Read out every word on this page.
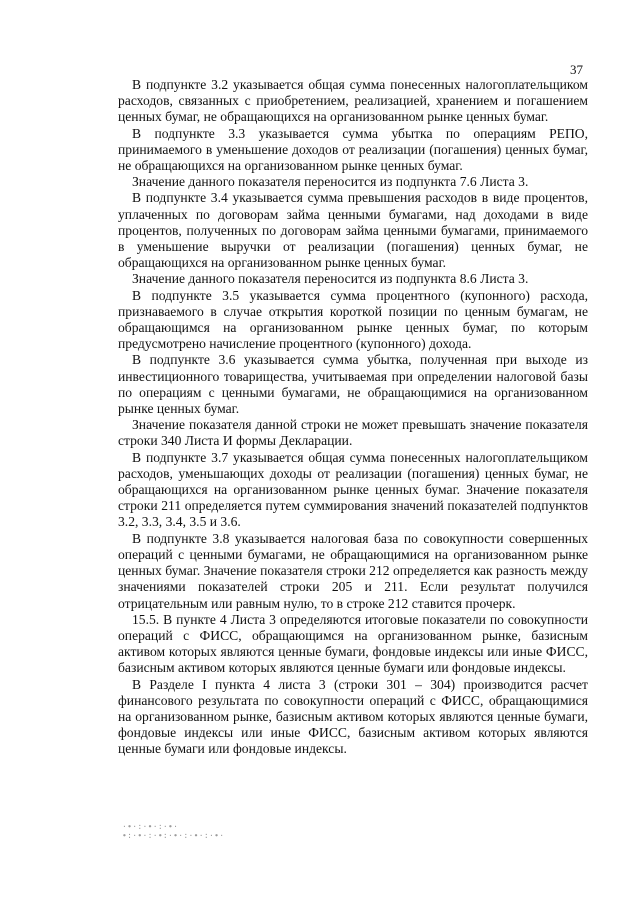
37

В подпункте 3.2 указывается общая сумма понесенных налогоплательщиком расходов, связанных с приобретением, реализацией, хранением и погашением ценных бумаг, не обращающихся на организованном рынке ценных бумаг.

В подпункте 3.3 указывается сумма убытка по операциям РЕПО, принимаемого в уменьшение доходов от реализации (погашения) ценных бумаг, не обращающихся на организованном рынке ценных бумаг.

Значение данного показателя переносится из подпункта 7.6 Листа 3.

В подпункте 3.4 указывается сумма превышения расходов в виде процентов, уплаченных по договорам займа ценными бумагами, над доходами в виде процентов, полученных по договорам займа ценными бумагами, принимаемого в уменьшение выручки от реализации (погашения) ценных бумаг, не обращающихся на организованном рынке ценных бумаг.

Значение данного показателя переносится из подпункта 8.6 Листа 3.

В подпункте 3.5 указывается сумма процентного (купонного) расхода, признаваемого в случае открытия короткой позиции по ценным бумагам, не обращающимся на организованном рынке ценных бумаг, по которым предусмотрено начисление процентного (купонного) дохода.

В подпункте 3.6 указывается сумма убытка, полученная при выходе из инвестиционного товарищества, учитываемая при определении налоговой базы по операциям с ценными бумагами, не обращающимися на организованном рынке ценных бумаг.

Значение показателя данной строки не может превышать значение показателя строки 340 Листа И формы Декларации.

В подпункте 3.7 указывается общая сумма понесенных налогоплательщиком расходов, уменьшающих доходы от реализации (погашения) ценных бумаг, не обращающихся на организованном рынке ценных бумаг. Значение показателя строки 211 определяется путем суммирования значений показателей подпунктов 3.2, 3.3, 3.4, 3.5 и 3.6.

В подпункте 3.8 указывается налоговая база по совокупности совершенных операций с ценными бумагами, не обращающимися на организованном рынке ценных бумаг. Значение показателя строки 212 определяется как разность между значениями показателей строки 205 и 211. Если результат получился отрицательным или равным нулю, то в строке 212 ставится прочерк.

15.5. В пункте 4 Листа 3 определяются итоговые показатели по совокупности операций с ФИСС, обращающимся на организованном рынке, базисным активом которых являются ценные бумаги, фондовые индексы или иные ФИСС, базисным активом которых являются ценные бумаги или фондовые индексы.

В Разделе I пункта 4 листа 3 (строки 301 – 304) производится расчет финансового результата по совокупности операций с ФИСС, обращающимися на организованном рынке, базисным активом которых являются ценные бумаги, фондовые индексы или иные ФИСС, базисным активом которых являются ценные бумаги или фондовые индексы.

·∙·:·∙·:·∙·
∙:·∙·:·∙:·∙·:·∙·:·∙·
